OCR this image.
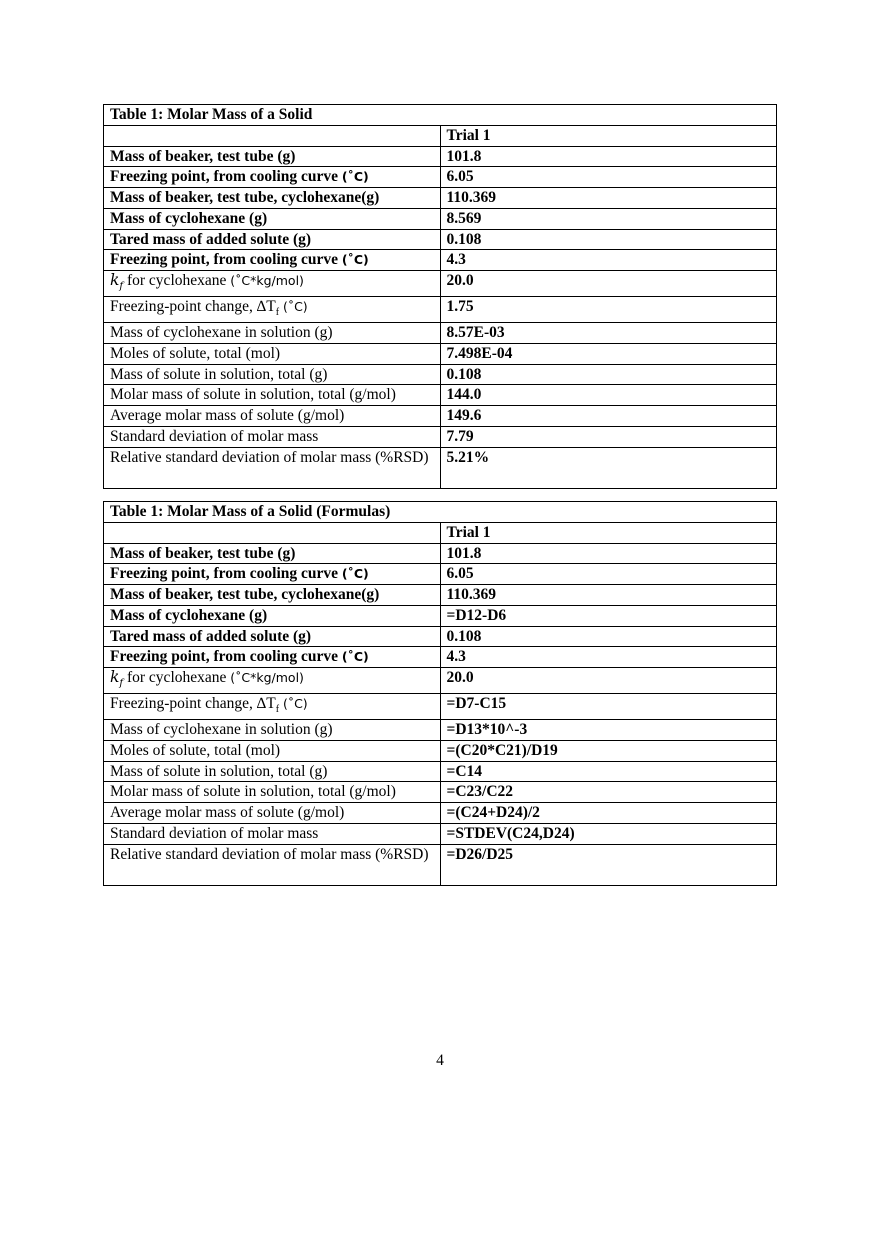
Table 1: Molar Mass of a Solid	
	Trial 1
Mass of beaker, test tube (g)	101.8
Freezing point, from cooling curve (˚C)	6.05
Mass of beaker, test tube, cyclohexane(g)	110.369
Mass of cyclohexane (g)	8.569
Tared mass of added solute (g)	0.108
Freezing point, from cooling curve (˚C)	4.3
$k_f$ for cyclohexane (˚C*kg/mol)	20.0
Freezing-point change, $\Delta T_f$ (˚C)	1.75
Mass of cyclohexane in solution (g)	8.57E-03
Moles of solute, total (mol)	7.498E-04
Mass of solute in solution, total (g)	0.108
Molar mass of solute in solution, total (g/mol)	144.0
Average molar mass of solute (g/mol)	149.6
Standard deviation of molar mass	7.79
Relative standard deviation of molar mass (%RSD)	5.21%
Table 1: Molar Mass of a Solid (Formulas)	
	Trial 1
Mass of beaker, test tube (g)	101.8
Freezing point, from cooling curve (˚C)	6.05
Mass of beaker, test tube, cyclohexane(g)	110.369
Mass of cyclohexane (g)	=D12-D6
Tared mass of added solute (g)	0.108
Freezing point, from cooling curve (˚C)	4.3
$k_f$ for cyclohexane (˚C*kg/mol)	20.0
Freezing-point change, $\Delta T_f$ (˚C)	=D7-C15
Mass of cyclohexane in solution (g)	=D13*10^-3
Moles of solute, total (mol)	=(C20*C21)/D19
Mass of solute in solution, total (g)	=C14
Molar mass of solute in solution, total (g/mol)	=C23/C22
Average molar mass of solute (g/mol)	=(C24+D24)/2
Standard deviation of molar mass	=STDEV(C24,D24)
Relative standard deviation of molar mass (%RSD)	=D26/D25
4
